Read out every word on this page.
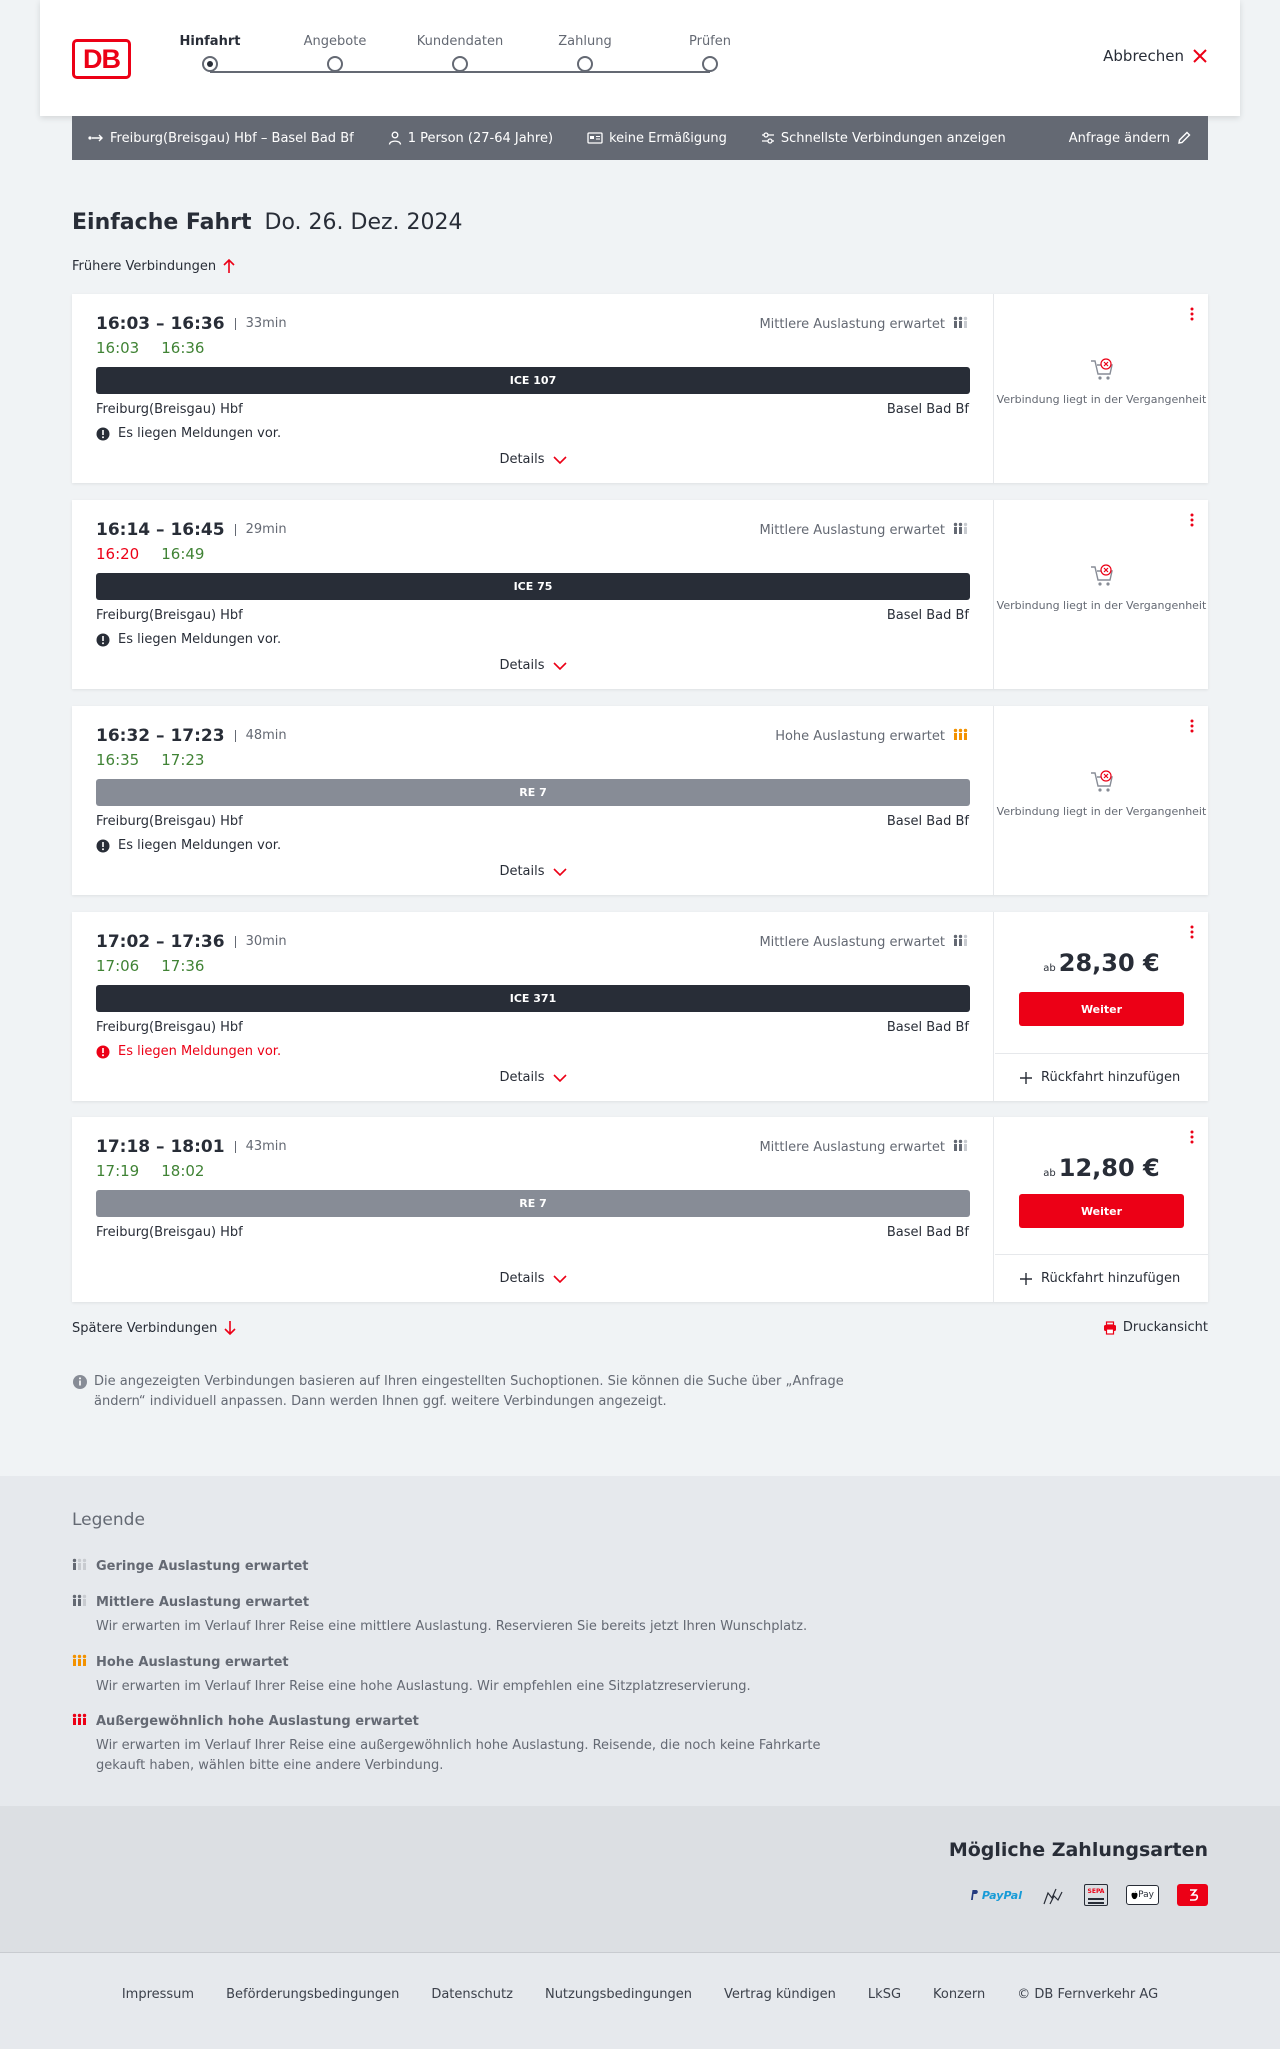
DB
Hinfahrt	Angebote	Kundendaten	Zahlung	Prüfen
Abbrechen
Freiburg(Breisgau) Hbf – Basel Bad Bf	1 Person (27-64 Jahre)	keine Ermäßigung	Schnellste Verbindungen anzeigen	Anfrage ändern
Einfache Fahrt Do. 26. Dez. 2024
Frühere Verbindungen
16:03 – 16:36	33min
16:03 16:36
Mittlere Auslastung erwartet
ICE 107
Freiburg(Breisgau) Hbf	Basel Bad Bf
Es liegen Meldungen vor.
Details
Verbindung liegt in der Vergangenheit
16:14 – 16:45	29min
16:20 16:49
Mittlere Auslastung erwartet
ICE 75
Freiburg(Breisgau) Hbf	Basel Bad Bf
Es liegen Meldungen vor.
Details
Verbindung liegt in der Vergangenheit
16:32 – 17:23	48min
16:35 17:23
Hohe Auslastung erwartet
RE 7
Freiburg(Breisgau) Hbf	Basel Bad Bf
Es liegen Meldungen vor.
Details
Verbindung liegt in der Vergangenheit
17:02 – 17:36	30min
17:06 17:36
Mittlere Auslastung erwartet
ICE 371
Freiburg(Breisgau) Hbf	Basel Bad Bf
Es liegen Meldungen vor.
Details
ab 28,30 €
Weiter
Rückfahrt hinzufügen
17:18 – 18:01	43min
17:19 18:02
Mittlere Auslastung erwartet
RE 7
Freiburg(Breisgau) Hbf	Basel Bad Bf
Details
ab 12,80 €
Weiter
Rückfahrt hinzufügen
Spätere Verbindungen	Druckansicht
Die angezeigten Verbindungen basieren auf Ihren eingestellten Suchoptionen. Sie können die Suche über „Anfrage ändern“ individuell anpassen. Dann werden Ihnen ggf. weitere Verbindungen angezeigt.
Legende
Geringe Auslastung erwartet
Mittlere Auslastung erwartet
Wir erwarten im Verlauf Ihrer Reise eine mittlere Auslastung. Reservieren Sie bereits jetzt Ihren Wunschplatz.
Hohe Auslastung erwartet
Wir erwarten im Verlauf Ihrer Reise eine hohe Auslastung. Wir empfehlen eine Sitzplatzreservierung.
Außergewöhnlich hohe Auslastung erwartet
Wir erwarten im Verlauf Ihrer Reise eine außergewöhnlich hohe Auslastung. Reisende, die noch keine Fahrkarte gekauft haben, wählen bitte eine andere Verbindung.
Mögliche Zahlungsarten
PayPal	SEPA	Pay
Impressum Beförderungsbedingungen Datenschutz Nutzungsbedingungen Vertrag kündigen LkSG Konzern © DB Fernverkehr AG
